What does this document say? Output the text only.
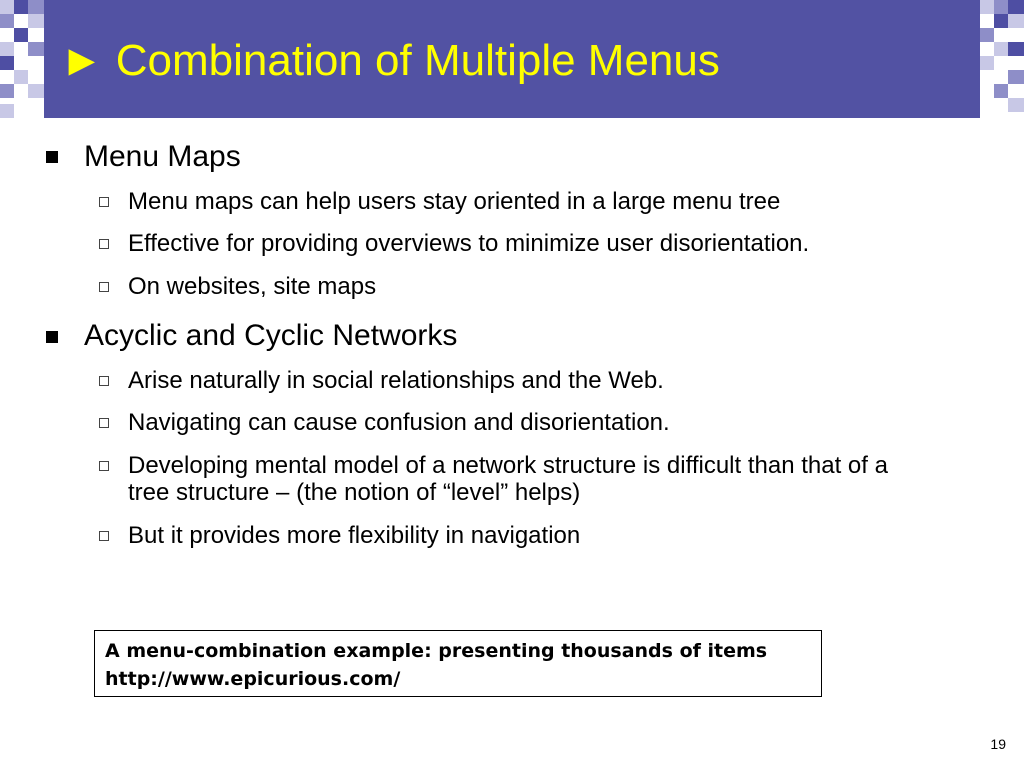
► Combination of Multiple Menus
Menu Maps
Menu maps can help users stay oriented in a large menu tree
Effective for providing overviews to minimize user disorientation.
On websites, site maps
Acyclic and Cyclic Networks
Arise naturally in social relationships and the Web.
Navigating can cause confusion and disorientation.
Developing mental model of a network structure is difficult than that of a tree structure – (the notion of “level” helps)
But it provides more flexibility in navigation
A menu-combination example: presenting thousands of items
http://www.epicurious.com/
19
